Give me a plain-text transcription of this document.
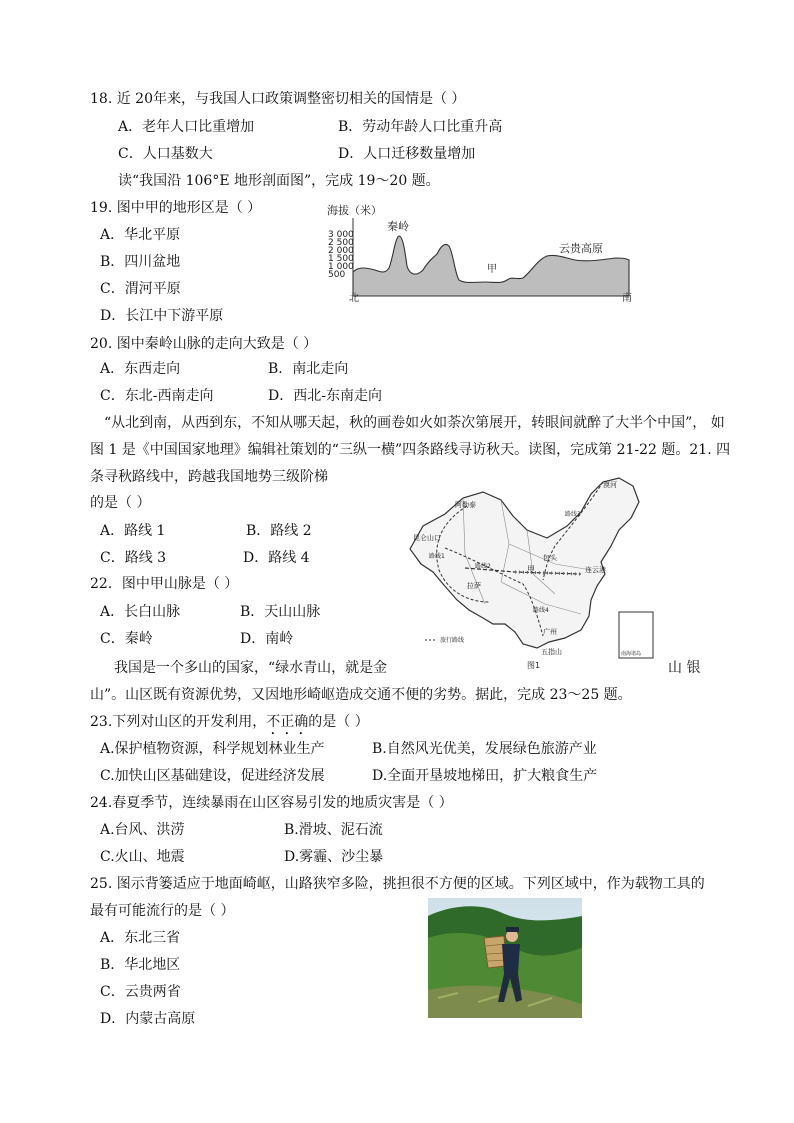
18. 近 20年来，与我国人口政策调整密切相关的国情是（ ）
A．老年人口比重增加	B．劳动年龄人口比重升高
C．人口基数大	D．人口迁移数量增加
读“我国沿 106°E 地形剖面图”，完成 19～20 题。
19. 图中甲的地形区是（ ）
A．华北平原
B．四川盆地
C．渭河平原
D．长江中下游平原
海拔（米）
3 000
2 500
2 000
1 500
1 000
500
秦岭
甲
云贵高原
北	南
20. 图中秦岭山脉的走向大致是（ ）
A．东西走向	B．南北走向
C．东北-西南走向	D．西北-东南走向
“从北到南，从西到东，不知从哪天起，秋的画卷如火如荼次第展开，转眼间就醉了大半个中国”， 如
图 1 是《中国国家地理》编辑社策划的“三纵一横”四条路线寻访秋天。读图，完成第 21-22 题。21. 四
条寻秋路线中，跨越我国地势三级阶梯
的是（ ）
A．路线 1	B．路线 2
C．路线 3	D．路线 4
22．图中甲山脉是（ ）
A．长白山脉	B．天山山脉
C．秦岭	D．南岭
漠河
阿勒泰
昆仑山口
包头
连云港
拉萨
广州
五指山
甲
路线1
路线2
路线3
路线4
旅行路线
南海诸岛
图1
我国是一个多山的国家，“绿水青山，就是金	山 银
山”。山区既有资源优势，又因地形崎岖造成交通不便的劣势。据此，完成 23～25 题。
23.下列对山区的开发利用，不正确的是（ ）
A.保护植物资源，科学规划林业生产	B.自然风光优美，发展绿色旅游产业
C.加快山区基础建设，促进经济发展	D.全面开垦坡地梯田，扩大粮食生产
24.春夏季节，连续暴雨在山区容易引发的地质灾害是（ ）
A.台风、洪涝	B.滑坡、泥石流
C.火山、地震	D.雾霾、沙尘暴
25. 图示背篓适应于地面崎岖，山路狭窄多险，挑担很不方便的区域。下列区域中，作为载物工具的
最有可能流行的是（ ）
A．东北三省
B．华北地区
C．云贵两省
D．内蒙古高原
